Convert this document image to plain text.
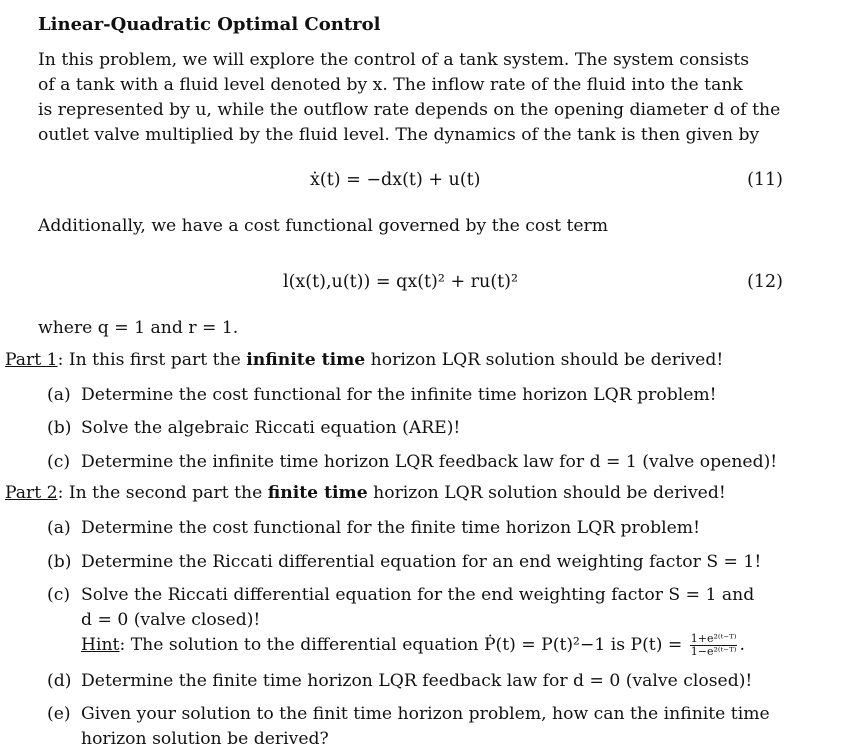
Linear-Quadratic Optimal Control
In this problem, we will explore the control of a tank system. The system consists
of a tank with a fluid level denoted by x. The inflow rate of the fluid into the tank
is represented by u, while the outflow rate depends on the opening diameter d of the
outlet valve multiplied by the fluid level. The dynamics of the tank is then given by
ẋ(t) = −dx(t) + u(t)	(11)
Additionally, we have a cost functional governed by the cost term
l(x(t),u(t)) = qx(t)² + ru(t)²	(12)
where q = 1 and r = 1.
Part 1: In this first part the infinite time horizon LQR solution should be derived!
(a) Determine the cost functional for the infinite time horizon LQR problem!
(b) Solve the algebraic Riccati equation (ARE)!
(c) Determine the infinite time horizon LQR feedback law for d = 1 (valve opened)!
Part 2: In the second part the finite time horizon LQR solution should be derived!
(a) Determine the cost functional for the finite time horizon LQR problem!
(b) Determine the Riccati differential equation for an end weighting factor S = 1!
(c) Solve the Riccati differential equation for the end weighting factor S = 1 and
d = 0 (valve closed)!
Hint: The solution to the differential equation Ṗ(t) = P(t)²−1 is $P(t) = \frac{\text{1+e²⁽ᵗ⁻ᵀ⁾}}{\text{1−e²⁽ᵗ⁻ᵀ⁾}}$ .
(d) Determine the finite time horizon LQR feedback law for d = 0 (valve closed)!
(e) Given your solution to the finit time horizon problem, how can the infinite time
horizon solution be derived?
